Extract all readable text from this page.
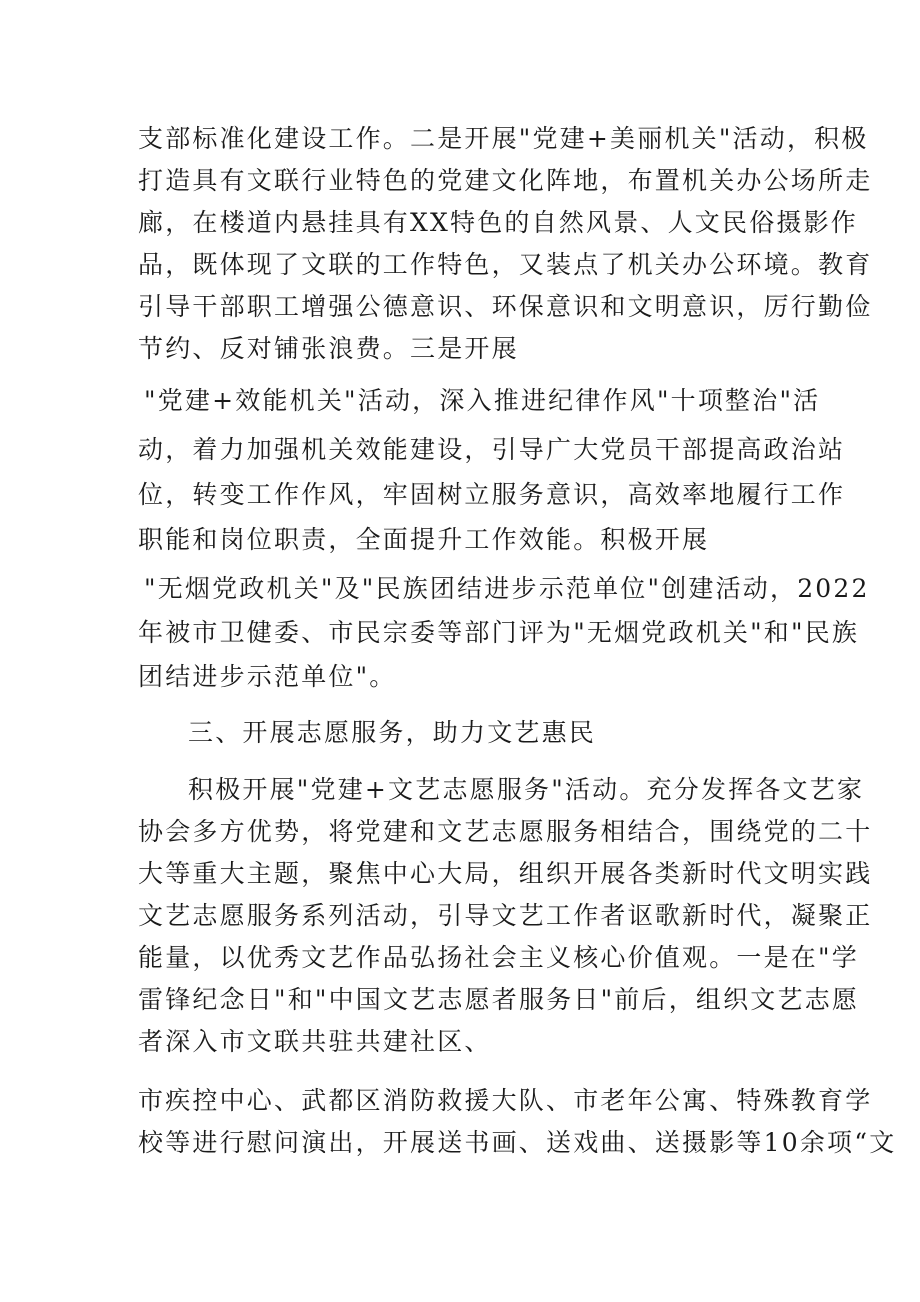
支部标准化建设工作。二是开展"党建+美丽机关"活动，积极
打造具有文联行业特色的党建文化阵地，布置机关办公场所走
廊，在楼道内悬挂具有XX特色的自然风景、人文民俗摄影作
品，既体现了文联的工作特色，又装点了机关办公环境。教育
引导干部职工增强公德意识、环保意识和文明意识，厉行勤俭
节约、反对铺张浪费。三是开展
"党建+效能机关"活动，深入推进纪律作风"十项整治"活
动，着力加强机关效能建设，引导广大党员干部提高政治站
位，转变工作作风，牢固树立服务意识，高效率地履行工作
职能和岗位职责，全面提升工作效能。积极开展
"无烟党政机关"及"民族团结进步示范单位"创建活动，2022
年被市卫健委、市民宗委等部门评为"无烟党政机关"和"民族
团结进步示范单位"。
三、开展志愿服务，助力文艺惠民
积极开展"党建+文艺志愿服务"活动。充分发挥各文艺家
协会多方优势，将党建和文艺志愿服务相结合，围绕党的二十
大等重大主题，聚焦中心大局，组织开展各类新时代文明实践
文艺志愿服务系列活动，引导文艺工作者讴歌新时代，凝聚正
能量，以优秀文艺作品弘扬社会主义核心价值观。一是在"学
雷锋纪念日"和"中国文艺志愿者服务日"前后，组织文艺志愿
者深入市文联共驻共建社区、
市疾控中心、武都区消防救援大队、市老年公寓、特殊教育学
校等进行慰问演出，开展送书画、送戏曲、送摄影等10余项“文
